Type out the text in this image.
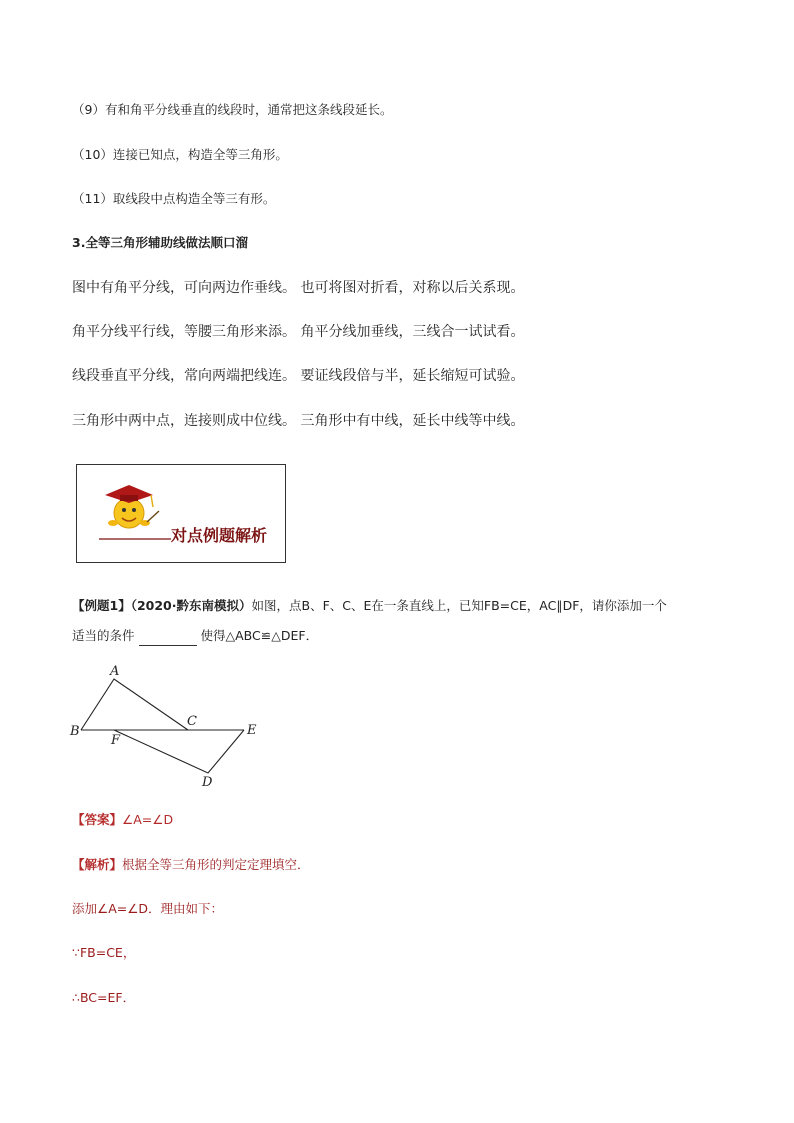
（9）有和角平分线垂直的线段时，通常把这条线段延长。
（10）连接已知点，构造全等三角形。
（11）取线段中点构造全等三有形。
3.全等三角形辅助线做法顺口溜
图中有角平分线，可向两边作垂线。 也可将图对折看，对称以后关系现。
角平分线平行线，等腰三角形来添。 角平分线加垂线，三线合一试试看。
线段垂直平分线，常向两端把线连。 要证线段倍与半，延长缩短可试验。
三角形中两中点，连接则成中位线。 三角形中有中线，延长中线等中线。
对点例题解析
【例题1】（2020·黔东南模拟）如图，点B、F、C、E在一条直线上，已知FB=CE，AC∥DF，请你添加一个
适当的条件	使得△ABC≌△DEF．
A
B
C
D
E
F
【答案】∠A=∠D
【解析】根据全等三角形的判定定理填空．
添加∠A=∠D．理由如下：
∵FB=CE，
∴BC=EF．
